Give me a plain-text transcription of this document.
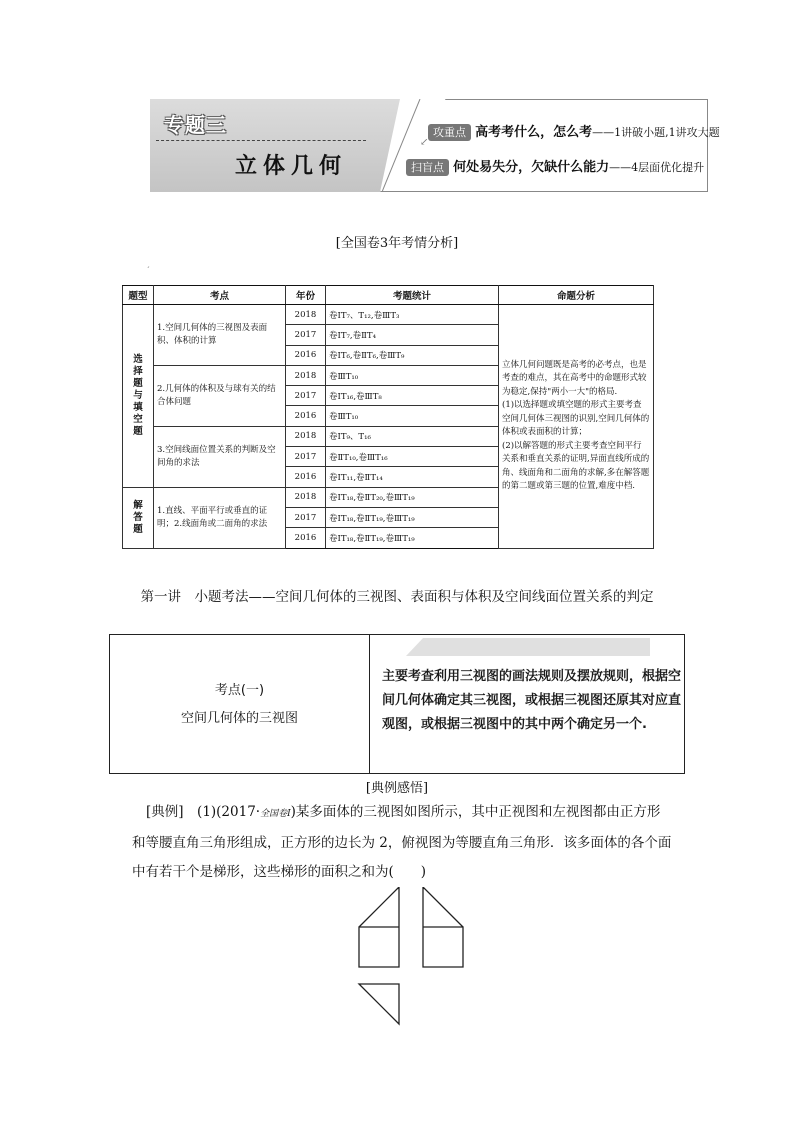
专题三
立体几何
攻重点 高考考什么，怎么考——1讲破小题,1讲攻大题
↙
扫盲点 何处易失分，欠缺什么能力——4层面优化提升
[全国卷3年考情分析]
ˊ
题型	考点	年份	考题统计	命题分析
选择题与填空题	1.空间几何体的三视图及表面积、体积的计算	2018	卷ⅠT₇、T₁₂,卷ⅢT₃	立体几何问题既是高考的必考点，也是考查的难点，其在高考中的命题形式较为稳定,保持"两小一大"的格局.
(1)以选择题或填空题的形式主要考查空间几何体三视图的识别,空间几何体的体积或表面积的计算；
(2)以解答题的形式主要考查空间平行关系和垂直关系的证明,异面直线所成的角、线面角和二面角的求解,多在解答题的第二题或第三题的位置,难度中档.

		2017	卷ⅠT₇,卷ⅡT₄	
		2016	卷ⅠT₆,卷ⅡT₆,卷ⅢT₉	
	2.几何体的体积及与球有关的结合体问题	2018	卷ⅢT₁₀	
		2017	卷ⅠT₁₆,卷ⅢT₈	
		2016	卷ⅢT₁₀	
	3.空间线面位置关系的判断及空间角的求法	2018	卷ⅠT₉、T₁₆	
		2017	卷ⅡT₁₀,卷ⅢT₁₆	
		2016	卷ⅠT₁₁,卷ⅡT₁₄	
解答题	1.直线、平面平行或垂直的证明；2.线面角或二面角的求法	2018	卷ⅠT₁₈,卷ⅡT₂₀,卷ⅢT₁₉	
		2017	卷ⅠT₁₈,卷ⅡT₁₉,卷ⅢT₁₉	
		2016	卷ⅠT₁₈,卷ⅡT₁₉,卷ⅢT₁₉	
第一讲　小题考法——空间几何体的三视图、表面积与体积及空间线面位置关系的判定
考点(一)
空间几何体的三视图
主要考查利用三视图的画法规则及摆放规则，根据空间几何体确定其三视图，或根据三视图还原其对应直观图，或根据三视图中的其中两个确定另一个.
[典例感悟]
[典例]　(1)(2017·全国卷Ⅰ)某多面体的三视图如图所示，其中正视图和左视图都由正方形和等腰直角三角形组成，正方形的边长为 2，俯视图为等腰直角三角形．该多面体的各个面中有若干个是梯形，这些梯形的面积之和为(　　)
